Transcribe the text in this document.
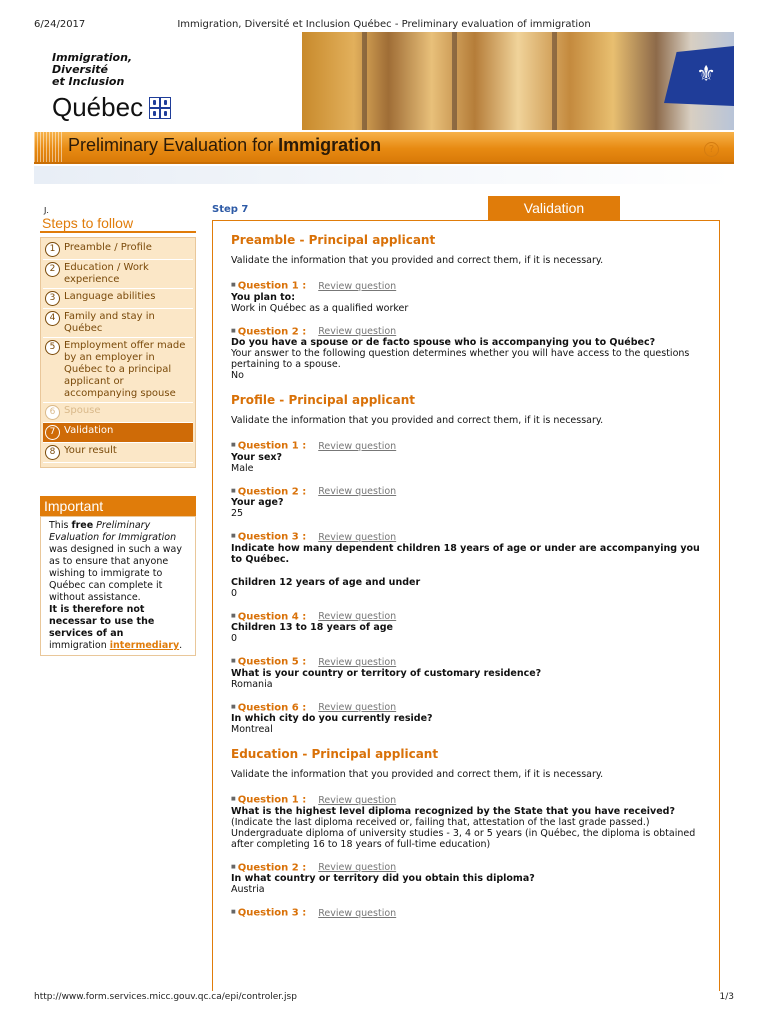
6/24/2017	Immigration, Diversité et Inclusion Québec - Preliminary evaluation of immigration
Immigration,
Diversité
et Inclusion
Québec
⚜
Preliminary Evaluation for Immigration	?
J.
Steps to follow
1 Preamble / Profile
2 Education / Work experience
3 Language abilities
4 Family and stay in Québec
5 Employment offer made by an employer in Québec to a principal applicant or accompanying spouse
6 Spouse
7 Validation
8 Your result
Important
This free Preliminary Evaluation for Immigration was designed in such a way as to ensure that anyone wishing to immigrate to Québec can complete it without assistance.
It is therefore not necessar to use the services of an
immigration intermediary.
Step 7	Validation
Preamble - Principal applicant
Validate the information that you provided and correct them, if it is necessary.
■ Question 1 : Review question
You plan to:
Work in Québec as a qualified worker
■ Question 2 : Review question
Do you have a spouse or de facto spouse who is accompanying you to Québec?
Your answer to the following question determines whether you will have access to the questions pertaining to a spouse.
No
Profile - Principal applicant
Validate the information that you provided and correct them, if it is necessary.
■ Question 1 : Review question
Your sex?
Male
■ Question 2 : Review question
Your age?
25
■ Question 3 : Review question
Indicate how many dependent children 18 years of age or under are accompanying you to Québec.
Children 12 years of age and under
0
■ Question 4 : Review question
Children 13 to 18 years of age
0
■ Question 5 : Review question
What is your country or territory of customary residence?
Romania
■ Question 6 : Review question
In which city do you currently reside?
Montreal
Education - Principal applicant
Validate the information that you provided and correct them, if it is necessary.
■ Question 1 : Review question
What is the highest level diploma recognized by the State that you have received?
(Indicate the last diploma received or, failing that, attestation of the last grade passed.)
Undergraduate diploma of university studies - 3, 4 or 5 years (in Québec, the diploma is obtained after completing 16 to 18 years of full-time education)
■ Question 2 : Review question
In what country or territory did you obtain this diploma?
Austria
■ Question 3 : Review question
http://www.form.services.micc.gouv.qc.ca/epi/controler.jsp	1/3
